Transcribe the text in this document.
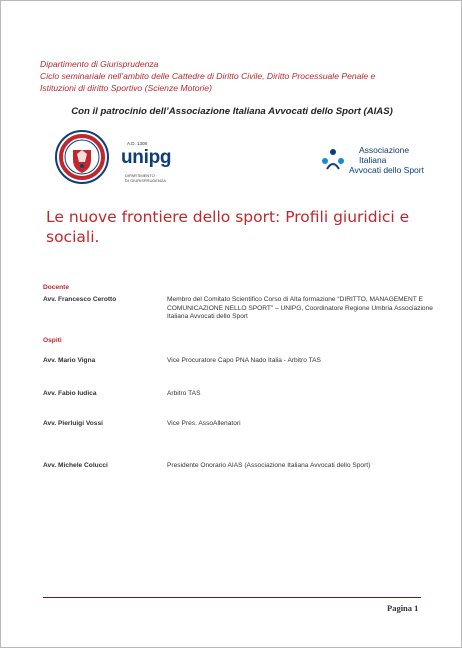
Dipartimento di Giurisprudenza
Ciclo seminariale nell’ambito delle Cattedre di Diritto Civile, Diritto Processuale Penale e
Istituzioni di diritto Sportivo (Scienze Motorie)
Con il patrocinio dell’Associazione Italiana Avvocati dello Sport (AIAS)
A.D. 1308
unipg
DIPARTIMENTO
DI GIURISPRUDENZA
Associazione
Italiana
Avvocati dello Sport
Le nuove frontiere dello sport: Profili giuridici e sociali.
Docente
Avv. Francesco Cerotto	Membro del Comitato Scientifico Corso di Alta formazione “DIRITTO, MANAGEMENT E COMUNICAZIONE NELLO SPORT” – UNIPG, Coordinatore Regione Umbria Associazione Italiana Avvocati dello Sport
Ospiti
Avv. Mario Vigna	Vice Procuratore Capo PNA Nado Italia - Arbitro TAS
Avv. Fabio Iudica	Arbitro TAS
Avv. Pierluigi Vossi	Vice Pres. AssoAllenatori
Avv. Michele Colucci	Presidente Onorario AIAS (Associazione Italiana Avvocati dello Sport)
Pagina 1
